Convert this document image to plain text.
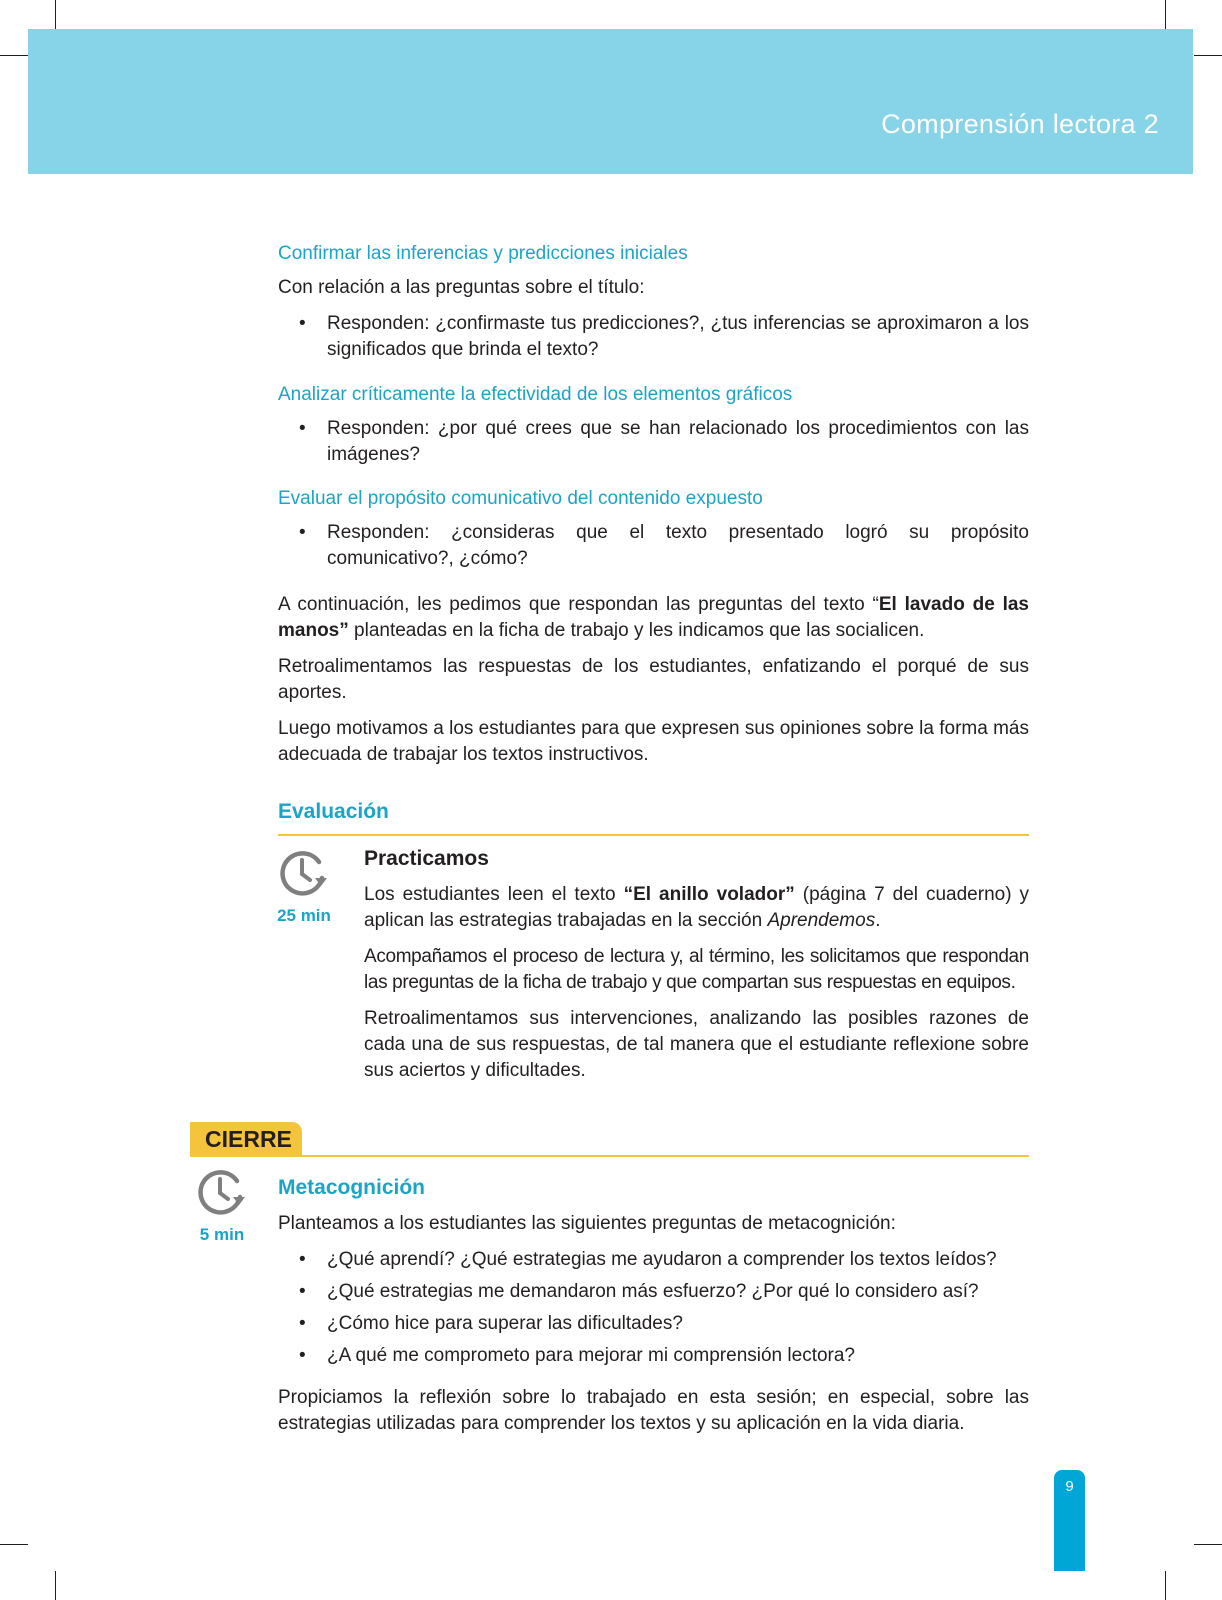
Comprensión lectora 2

Confirmar las inferencias y predicciones iniciales

Con relación a las preguntas sobre el título:

• Responden: ¿confirmaste tus predicciones?, ¿tus inferencias se aproximaron a los significados que brinda el texto?

Analizar críticamente la efectividad de los elementos gráficos

• Responden: ¿por qué crees que se han relacionado los procedimientos con las imágenes?

Evaluar el propósito comunicativo del contenido expuesto

• Responden: ¿consideras que el texto presentado logró su propósito comunicativo?, ¿cómo?

A continuación, les pedimos que respondan las preguntas del texto “El lavado de las manos” planteadas en la ficha de trabajo y les indicamos que las socialicen.

Retroalimentamos las respuestas de los estudiantes, enfatizando el porqué de sus aportes.

Luego motivamos a los estudiantes para que expresen sus opiniones sobre la forma más adecuada de trabajar los textos instructivos.

Evaluación

25 min

Practicamos

Los estudiantes leen el texto “El anillo volador” (página 7 del cuaderno) y aplican las estrategias trabajadas en la sección Aprendemos.

Acompañamos el proceso de lectura y, al término, les solicitamos que respondan las preguntas de la ficha de trabajo y que compartan sus respuestas en equipos.

Retroalimentamos sus intervenciones, analizando las posibles razones de cada una de sus respuestas, de tal manera que el estudiante reflexione sobre sus aciertos y dificultades.

CIERRE
5 min

Metacognición

Planteamos a los estudiantes las siguientes preguntas de metacognición:

• ¿Qué aprendí? ¿Qué estrategias me ayudaron a comprender los textos leídos?
• ¿Qué estrategias me demandaron más esfuerzo? ¿Por qué lo considero así?
• ¿Cómo hice para superar las dificultades?
• ¿A qué me comprometo para mejorar mi comprensión lectora?

Propiciamos la reflexión sobre lo trabajado en esta sesión; en especial, sobre las estrategias utilizadas para comprender los textos y su aplicación en la vida diaria.

9
